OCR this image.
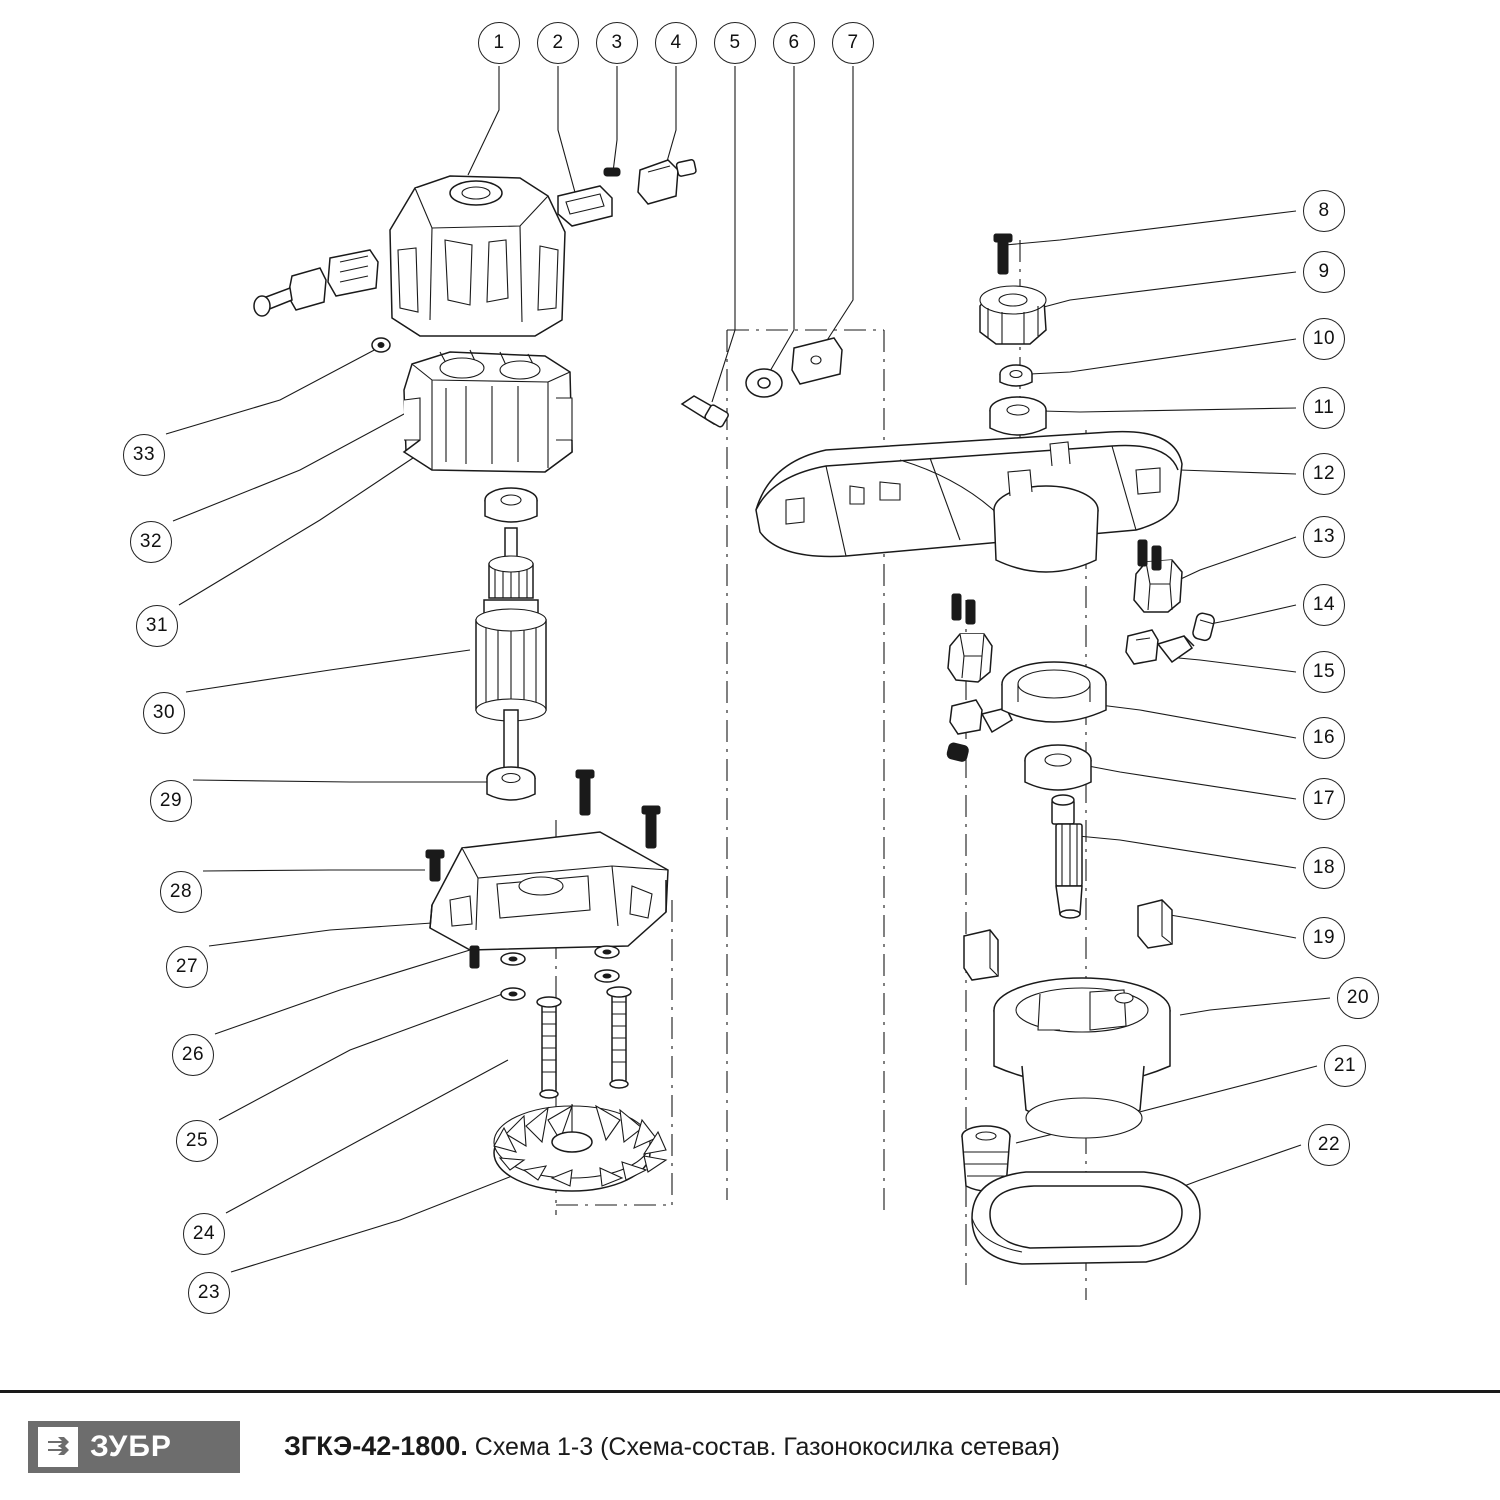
1	2	3	4	5	6	7
8
9
10
11
12
13
14
15
16
17
18
19
20
21
22
23
24
25
26
27
28
29
30
31
32
33
ЗУБР	ЗГКЭ-42-1800. Схема 1-3 (Схема-состав. Газонокосилка сетевая)
